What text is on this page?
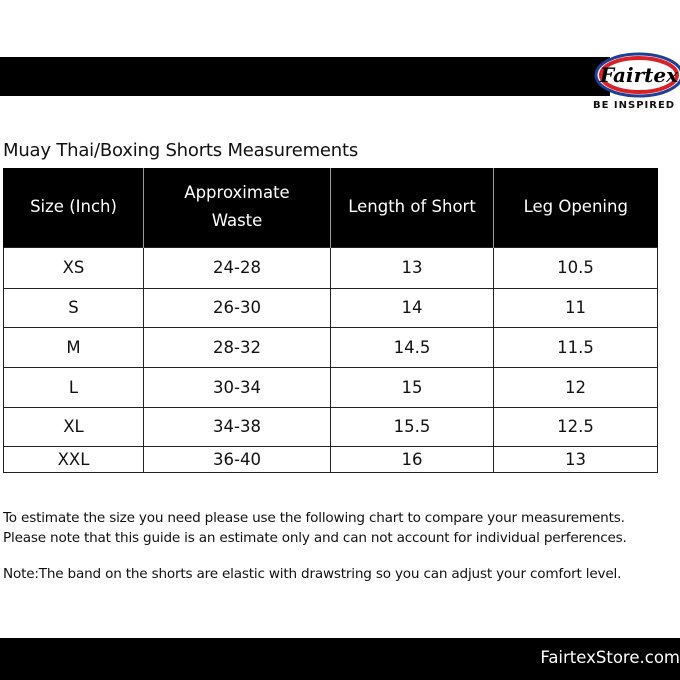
Fairtex
BE INSPIRED
Muay Thai/Boxing Shorts Measurements
Size (Inch)	Approximate Waste	Length of Short	Leg Opening
XS	24-28	13	10.5
S	26-30	14	11
M	28-32	14.5	11.5
L	30-34	15	12
XL	34-38	15.5	12.5
XXL	36-40	16	13
To estimate the size you need please use the following chart to compare your measurements.
Please note that this guide is an estimate only and can not account for individual perferences.
Note:The band on the shorts are elastic with drawstring so you can adjust your comfort level.
FairtexStore.com
